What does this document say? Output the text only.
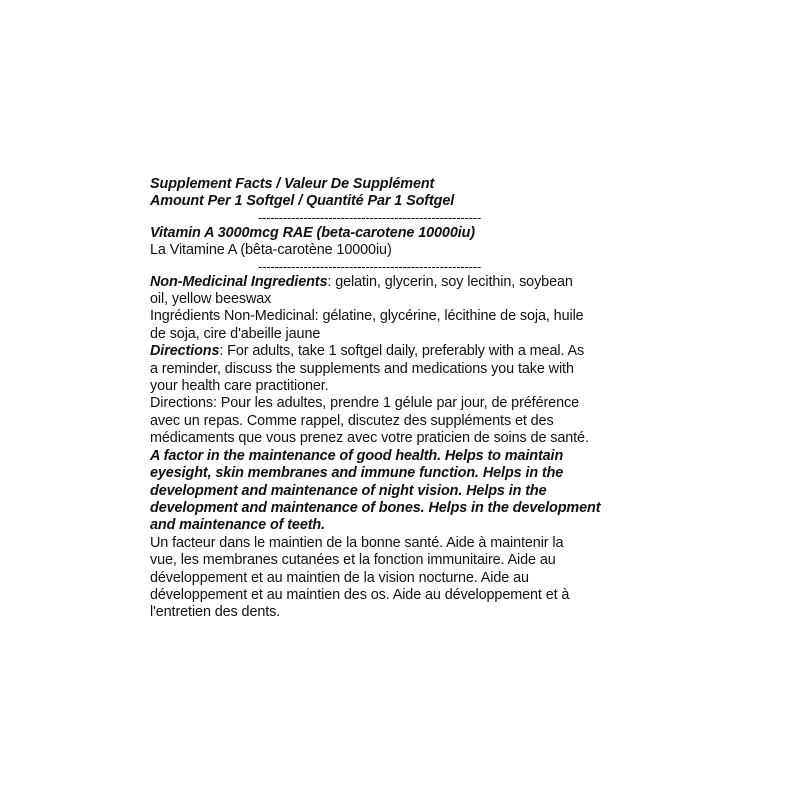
Supplement Facts / Valeur De Supplément
Amount Per 1 Softgel / Quantité Par 1 Softgel
------------------------------------------------------
Vitamin A 3000mcg RAE (beta-carotene 10000iu)
La Vitamine A (bêta-carotène 10000iu)
------------------------------------------------------
Non-Medicinal Ingredients: gelatin, glycerin, soy lecithin, soybean
oil, yellow beeswax
Ingrédients Non-Medicinal: gélatine, glycérine, lécithine de soja, huile
de soja, cire d'abeille jaune
Directions: For adults, take 1 softgel daily, preferably with a meal. As
a reminder, discuss the supplements and medications you take with
your health care practitioner.
Directions: Pour les adultes, prendre 1 gélule par jour, de préférence
avec un repas. Comme rappel, discutez des suppléments et des
médicaments que vous prenez avec votre praticien de soins de santé.
A factor in the maintenance of good health. Helps to maintain
eyesight, skin membranes and immune function. Helps in the
development and maintenance of night vision. Helps in the
development and maintenance of bones. Helps in the development
and maintenance of teeth.
Un facteur dans le maintien de la bonne santé. Aide à maintenir la
vue, les membranes cutanées et la fonction immunitaire. Aide au
développement et au maintien de la vision nocturne. Aide au
développement et au maintien des os. Aide au développement et à
l'entretien des dents.
